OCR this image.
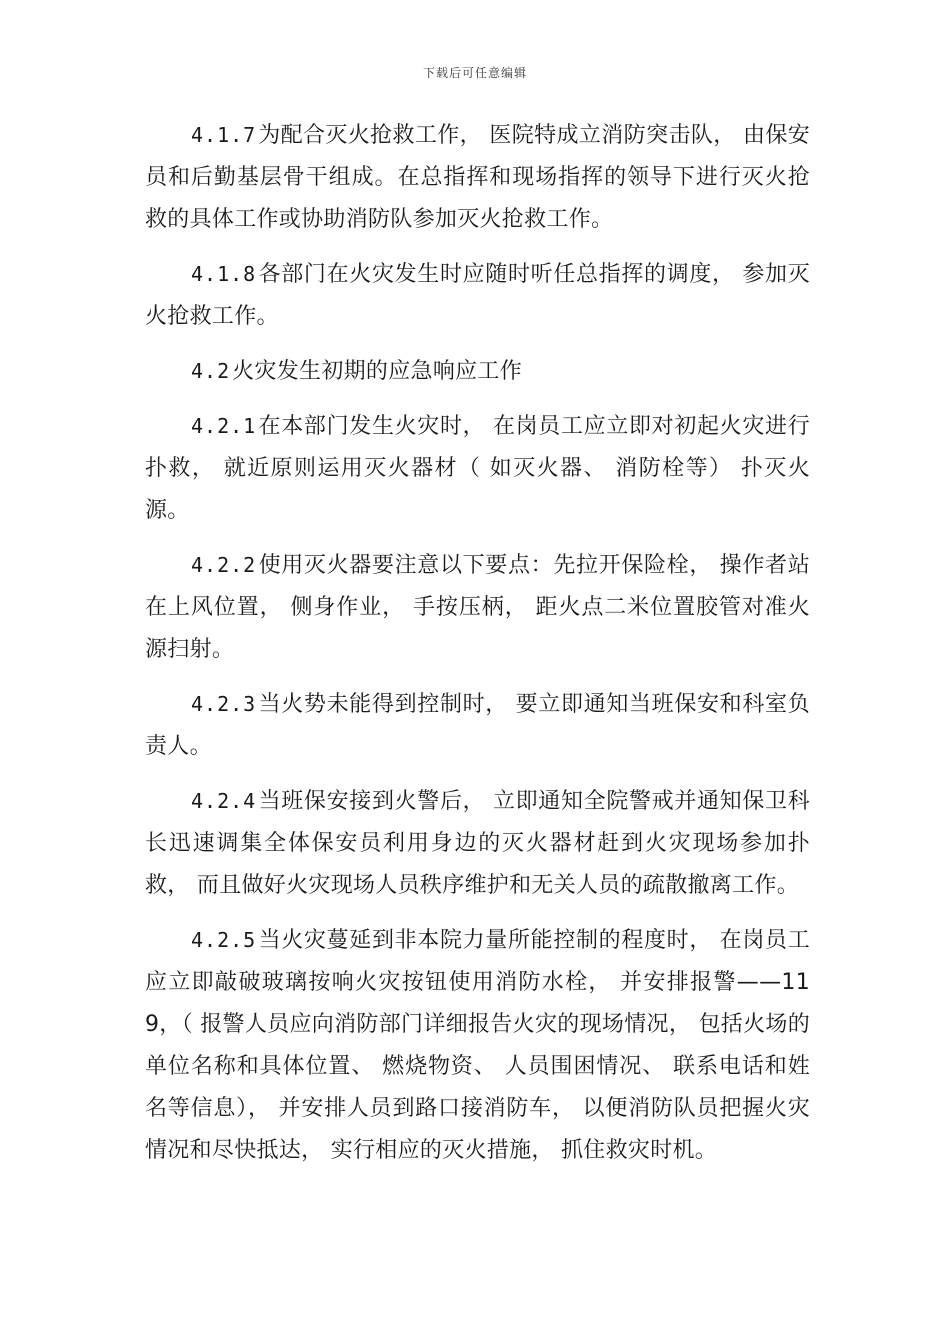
下载后可任意编辑

4.1.7为配合灭火抢救工作， 医院特成立消防突击队， 由保安员和后勤基层骨干组成。在总指挥和现场指挥的领导下进行灭火抢救的具体工作或协助消防队参加灭火抢救工作。

4.1.8各部门在火灾发生时应随时听任总指挥的调度， 参加灭火抢救工作。

4.2火灾发生初期的应急响应工作

4.2.1在本部门发生火灾时， 在岗员工应立即对初起火灾进行扑救， 就近原则运用灭火器材（ 如灭火器、 消防栓等） 扑灭火源。

4.2.2使用灭火器要注意以下要点：先拉开保险栓， 操作者站在上风位置， 侧身作业， 手按压柄， 距火点二米位置胶管对准火源扫射。

4.2.3当火势未能得到控制时， 要立即通知当班保安和科室负责人。

4.2.4当班保安接到火警后， 立即通知全院警戒并通知保卫科长迅速调集全体保安员利用身边的灭火器材赶到火灾现场参加扑救， 而且做好火灾现场人员秩序维护和无关人员的疏散撤离工作。

4.2.5当火灾蔓延到非本院力量所能控制的程度时， 在岗员工应立即敲破玻璃按响火灾按钮使用消防水栓， 并安排报警——119，（ 报警人员应向消防部门详细报告火灾的现场情况， 包括火场的单位名称和具体位置、 燃烧物资、 人员围困情况、 联系电话和姓名等信息）， 并安排人员到路口接消防车， 以便消防队员把握火灾情况和尽快抵达， 实行相应的灭火措施， 抓住救灾时机。
